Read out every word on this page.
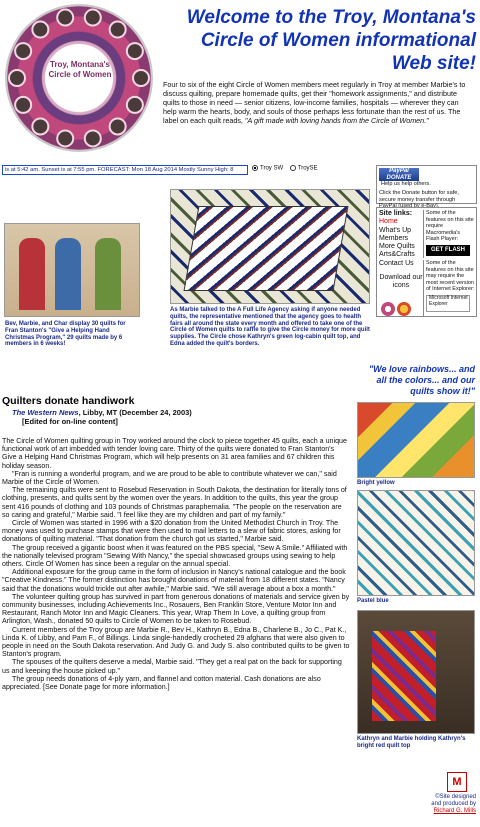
Troy, Montana's Circle of Women
Welcome to the Troy, Montana's Circle of Women informational Web site!
Four to six of the eight Circle of Women members meet regularly in Troy at member Marbie's to discuss quilting, prepare homemade quilts, get their "homework assignments," and distribute quilts to those in need — senior citizens, low-income families, hospitals — wherever they can help warm the hearts, body, and souls of those perhaps less fortunate than the rest of us. The label on each quilt reads, "A gift made with loving hands from the Circle of Women."
is at 5:42 am. Sunset is at 7:55 pm. FORECAST: Mon 18 Aug 2014 Mostly Sunny High: 8	Troy SW TroySE	PayPal DONATE Help us help others.
Click the Donate button for safe, secure money transfer through PayPal (used by e-Bay).
Site links:
Home
What's Up
Members
More Quilts
Arts&Crafts
Contact Us
Download our icons
Some of the features on this site require Macromedia's Flash Player:
GET FLASH
Some of the features on this site may require the most recent version of Internet Explorer:
Microsoft Internet Explorer
Bev, Marbie, and Char display 30 quilts for Fran Stanton's "Give a Helping Hand Christmas Program," 29 quilts made by 6 members in 6 weeks!
As Marbie talked to the A Full Life Agency asking if anyone needed quilts, the representative mentioned that the agency goes to health fairs all around the state every month and offered to take one of the Circle of Women quilts to raffle to give the Circle money for more quilt supplies. The Circle chose Kathryn's green log-cabin quilt top, and Edna added the quilt's borders.
"We love rainbows... and all the colors... and our quilts show it!"
Bright yellow
Pastel blue
Kathryn and Marbie holding Kathryn's bright red quilt top
Quilters donate handiwork
The Western News, Libby, MT (December 24, 2003)
[Edited for on-line content]

The Circle of Women quilting group in Troy worked around the clock to piece together 45 quilts, each a unique functional work of art imbedded with tender loving care. Thirty of the quilts were donated to Fran Stanton's Give a Helping Hand Christmas Program, which will help presents on 31 area families and 67 children this holiday season.

"Fran is running a wonderful program, and we are proud to be able to contribute whatever we can," said Marbie of the Circle of Women.

The remaining quilts were sent to Rosebud Reservation in South Dakota, the destination for literally tons of clothing, presents, and quilts sent by the women over the years. In addition to the quilts, this year the group sent 416 pounds of clothing and 103 pounds of Christmas paraphernalia. "The people on the reservation are so caring and grateful," Marbie said. "I feel like they are my children and part of my family."

Circle of Women was started in 1996 with a $20 donation from the United Methodist Church in Troy. The money was used to purchase stamps that were then used to mail letters to a slew of fabric stores, asking for donations of quilting material. "That donation from the church got us started," Marbie said.

The group received a gigantic boost when it was featured on the PBS special, "Sew A Smile." Affiliated with the nationally televised program "Sewing With Nancy," the special showcased groups using sewing to help others. Circle Of Women has since been a regular on the annual special.

Additional exposure for the group came in the form of inclusion in Nancy's national catalogue and the book "Creative Kindness." The former distinction has brought donations of material from 18 different states. "Nancy said that the donations would trickle out after awhile," Marbie said. "We still average about a box a month."

The volunteer quilting group has survived in part from generous donations of materials and service given by community businesses, including Achievements Inc., Rosauers, Ben Franklin Store, Venture Motor Inn and Restaurant, Ranch Motor Inn and Magic Cleaners. This year, Wrap Them In Love, a quilting group from Arlington, Wash., donated 50 quilts to Circle of Women to be taken to Rosebud.

Current members of the Troy group are Marbie R., Bev H., Kathryn B., Edna B., Charlene B., Jo C., Pat K., Linda K. of Libby, and Pam F., of Billings. Linda single-handedly crocheted 29 afghans that were also given to people in need on the South Dakota reservation. And Judy G. and Judy S. also contributed quilts to be given to Stanton's program.

The spouses of the quilters deserve a medal, Marbie said. "They get a real pat on the back for supporting us and keeping the house picked up."

The group needs donations of 4-ply yarn, and flannel and cotton material. Cash donations are also appreciated. [See Donate page for more information.]

M
©Site designed
and produced by
Richard G. Mills
